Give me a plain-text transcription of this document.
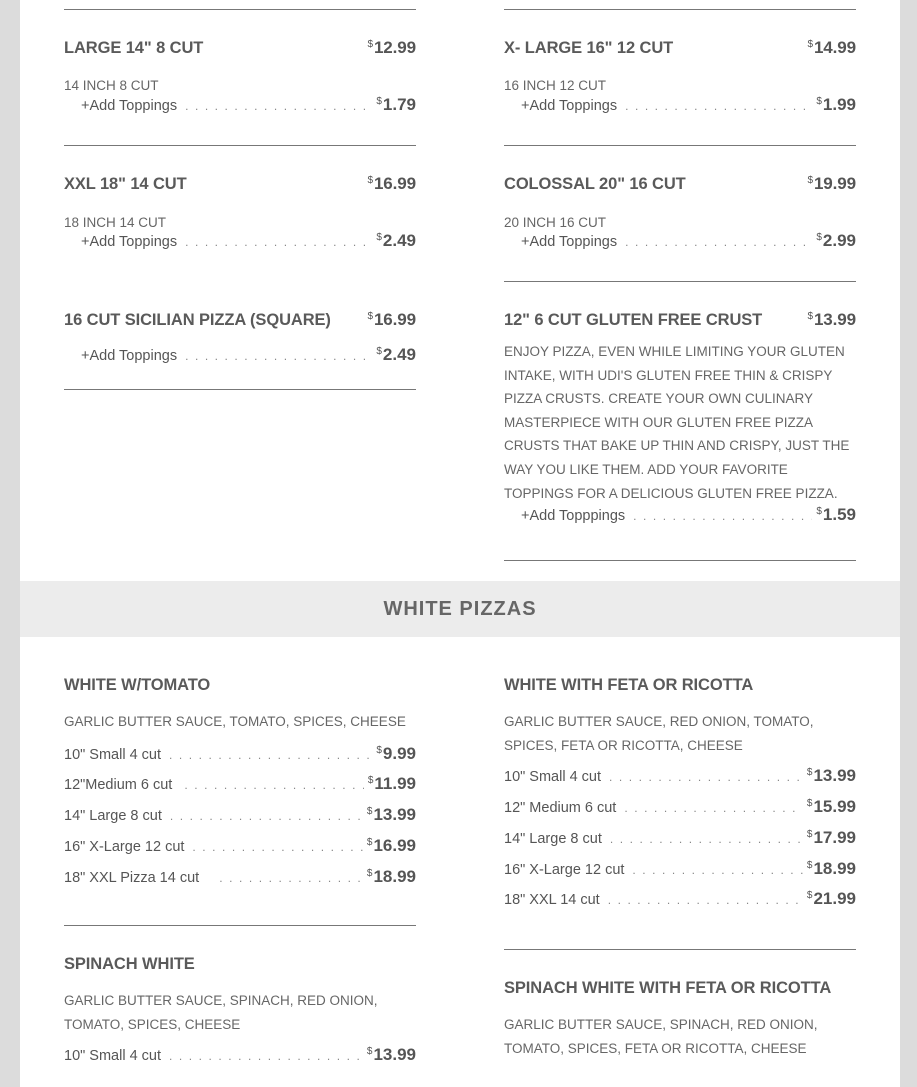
LARGE 14" 8 CUT	$12.99
14 INCH 8 CUT
+Add Toppings . . .	$1.79
XXL 18" 14 CUT	$16.99
18 INCH 14 CUT
+Add Toppings . . .	$2.49
16 CUT SICILIAN PIZZA (SQUARE)	$16.99
+Add Toppings . . .	$2.49
X- LARGE 16" 12 CUT	$14.99
16 INCH 12 CUT
+Add Toppings . . .	$1.99
COLOSSAL 20" 16 CUT	$19.99
20 INCH 16 CUT
+Add Toppings . . .	$2.99
12" 6 CUT GLUTEN FREE CRUST	$13.99
ENJOY PIZZA, EVEN WHILE LIMITING YOUR GLUTEN INTAKE, WITH UDI'S GLUTEN FREE THIN & CRISPY PIZZA CRUSTS. CREATE YOUR OWN CULINARY MASTERPIECE WITH OUR GLUTEN FREE PIZZA CRUSTS THAT BAKE UP THIN AND CRISPY, JUST THE WAY YOU LIKE THEM. ADD YOUR FAVORITE TOPPINGS FOR A DELICIOUS GLUTEN FREE PIZZA.
+Add Topppings . . .	$1.59
WHITE PIZZAS
WHITE W/TOMATO
GARLIC BUTTER SAUCE, TOMATO, SPICES, CHEESE
10" Small 4 cut . . .	$9.99
12"Medium 6 cut . . .	$11.99
14" Large 8 cut . . .	$13.99
16" X-Large 12 cut . . .	$16.99
18" XXL Pizza 14 cut . . .	$18.99
SPINACH WHITE
GARLIC BUTTER SAUCE, SPINACH, RED ONION, TOMATO, SPICES, CHEESE
10" Small 4 cut . . .	$13.99
WHITE WITH FETA OR RICOTTA
GARLIC BUTTER SAUCE, RED ONION, TOMATO, SPICES, FETA OR RICOTTA, CHEESE
10" Small 4 cut . . .	$13.99
12" Medium 6 cut . . .	$15.99
14" Large 8 cut . . .	$17.99
16" X-Large 12 cut . . .	$18.99
18" XXL 14 cut . . .	$21.99
SPINACH WHITE WITH FETA OR RICOTTA
GARLIC BUTTER SAUCE, SPINACH, RED ONION, TOMATO, SPICES, FETA OR RICOTTA, CHEESE
